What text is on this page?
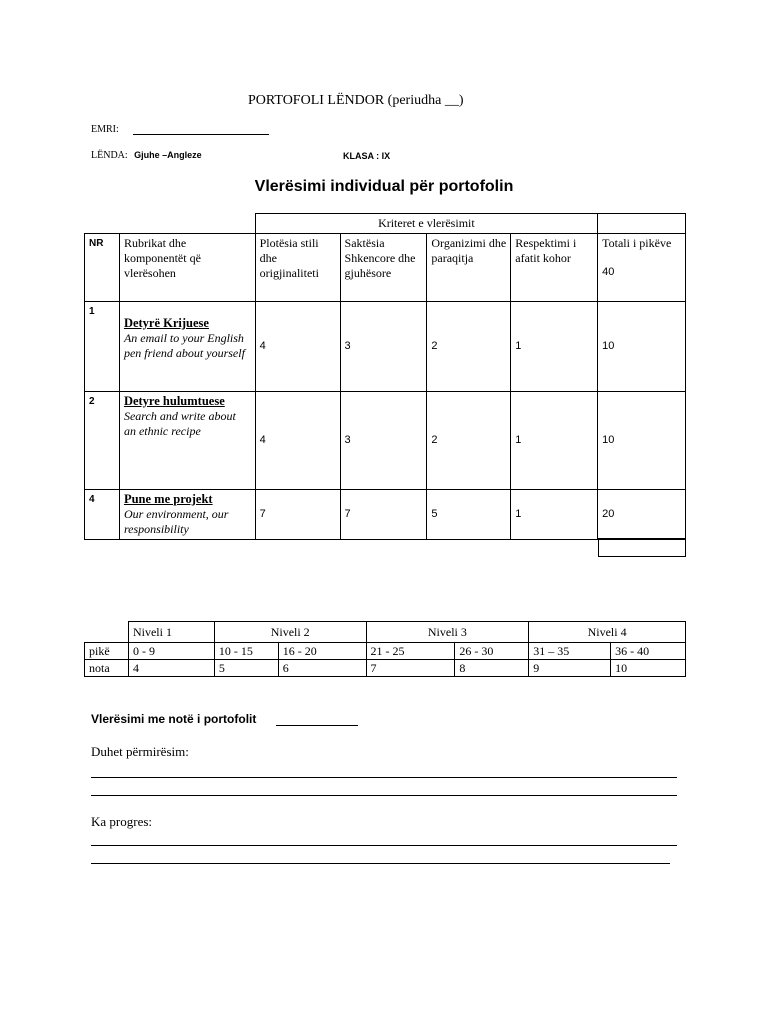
PORTOFOLI LËNDOR (periudha __)
EMRI:
LËNDA: Gjuhe –Angleze	KLASA : IX
Vlerësimi individual për portofolin
		Kriteret e vlerësimit				
NR	Rubrikat dhe komponentët që vlerësohen	Plotësia stili dhe origjinaliteti	Saktësia Shkencore dhe gjuhësore	Organizimi dhe paraqitja	Respektimi i afatit kohor	Totali i pikëve
40

1	Detyrë Krijuese
An email to your English pen friend about yourself	4	3	2	1	10
2	Detyre hulumtuese
Search and write about an ethnic recipe	4	3	2	1	10
4	Pune me projekt
Our environment, our responsibility	7	7	5	1	20
	Niveli 1	Niveli 2		Niveli 3		Niveli 4	
pikë	0 - 9	10 - 15	16 - 20	21 - 25	26 - 30	31 – 35	36 - 40
nota	4	5	6	7	8	9	10
Vlerësimi me notë i portofolit
Duhet përmirësim:
Ka progres:
